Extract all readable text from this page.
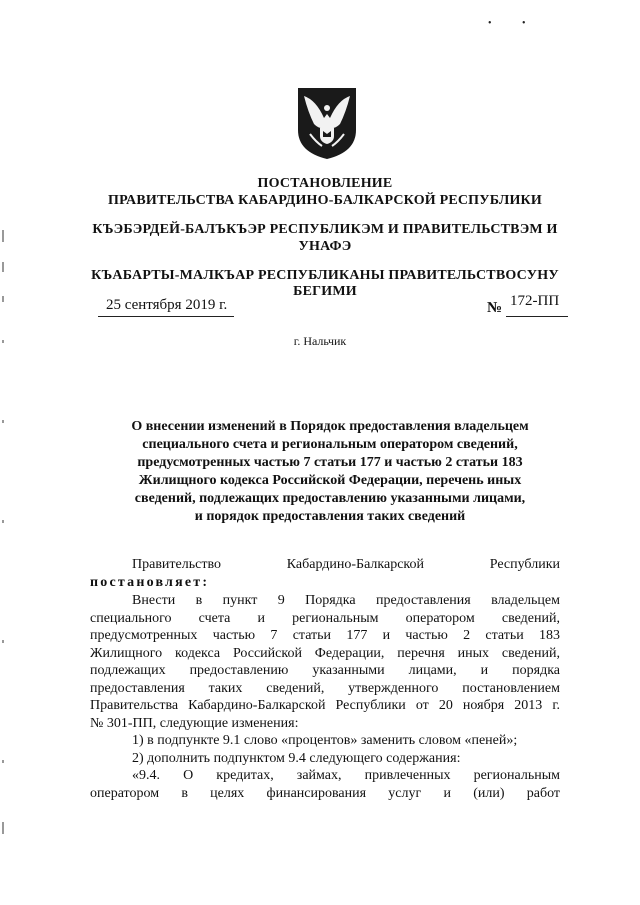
• •
ПОСТАНОВЛЕНИЕ
ПРАВИТЕЛЬСТВА КАБАРДИНО-БАЛКАРСКОЙ РЕСПУБЛИКИ
КЪЭБЭРДЕЙ-БАЛЪКЪЭР РЕСПУБЛИКЭМ И ПРАВИТЕЛЬСТВЭМ И
УНАФЭ
КЪАБАРТЫ-МАЛКЪАР РЕСПУБЛИКАНЫ ПРАВИТЕЛЬСТВОСУНУ
БЕГИМИ
25 сентября 2019 г.	№ 172-ПП
г. Нальчик
О внесении изменений в Порядок предоставления владельцем
специального счета и региональным оператором сведений,
предусмотренных частью 7 статьи 177 и частью 2 статьи 183
Жилищного кодекса Российской Федерации, перечень иных
сведений, подлежащих предоставлению указанными лицами,
и порядок предоставления таких сведений
Правительство	Кабардино-Балкарской	Республики
постановляет:
Внести в пункт 9 Порядка предоставления владельцем
специального счета и региональным оператором сведений,
предусмотренных частью 7 статьи 177 и частью 2 статьи 183
Жилищного кодекса Российской Федерации, перечня иных сведений,
подлежащих предоставлению указанными лицами, и порядка
предоставления таких сведений, утвержденного постановлением
Правительства Кабардино-Балкарской Республики от 20 ноября 2013 г.
№ 301-ПП, следующие изменения:
1) в подпункте 9.1 слово «процентов» заменить словом «пеней»;
2) дополнить подпунктом 9.4 следующего содержания:
«9.4. О кредитах, займах, привлеченных региональным
оператором в целях финансирования услуг и (или) работ
